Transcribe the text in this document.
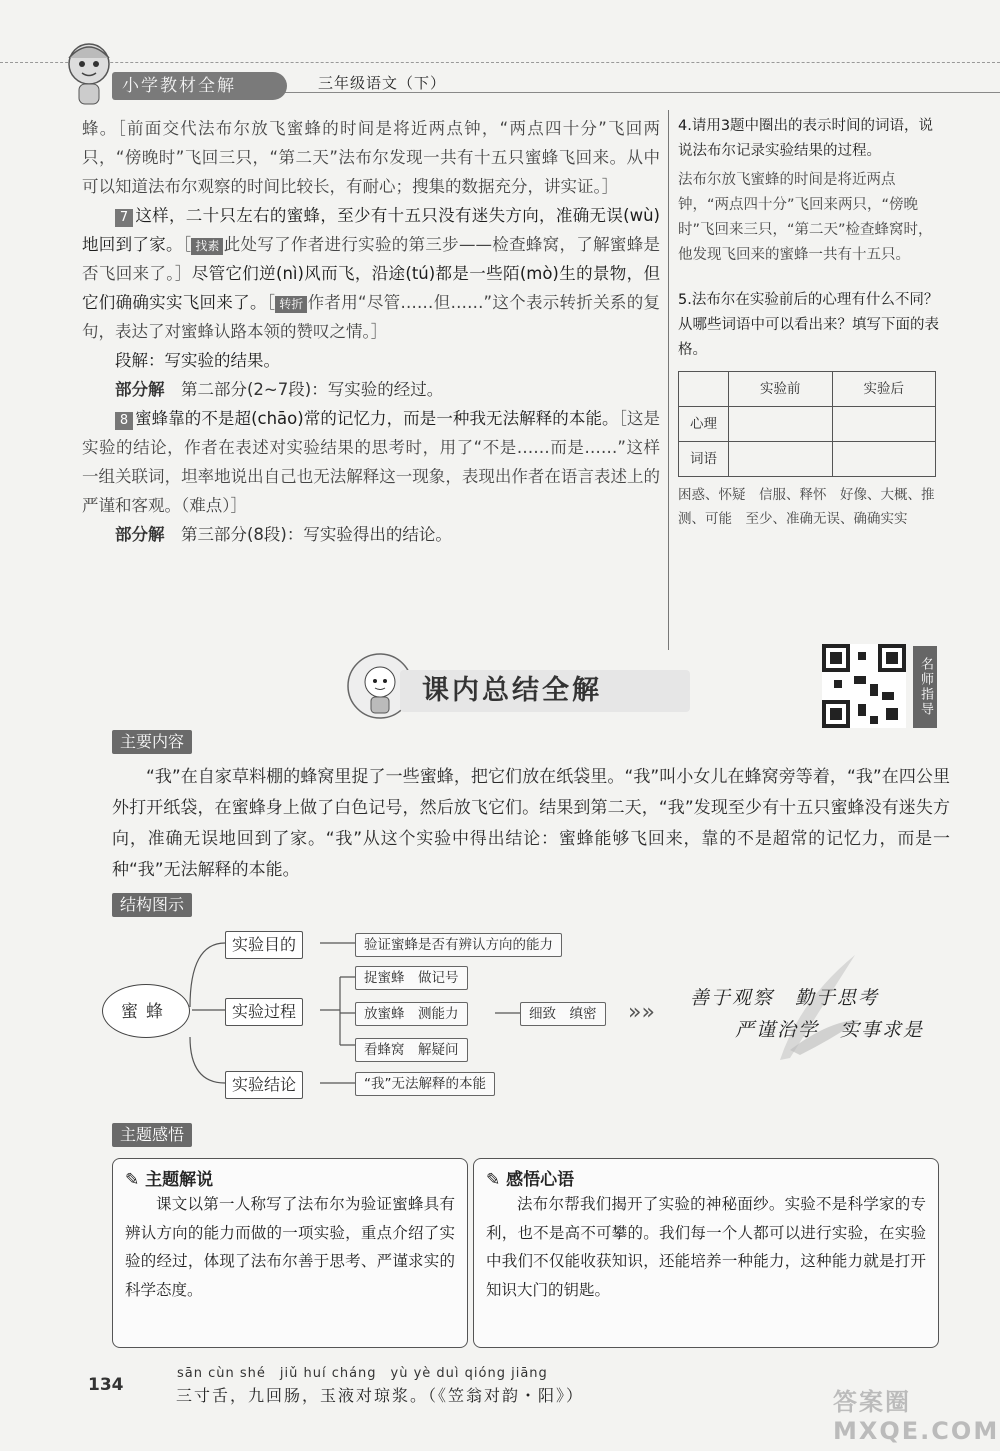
小学教材全解	三年级语文（下）

蜂。［前面交代法布尔放飞蜜蜂的时间是将近两点钟，“两点四十分”飞回两只，“傍晚时”飞回三只，“第二天”法布尔发现一共有十五只蜜蜂飞回来。从中可以知道法布尔观察的时间比较长，有耐心；搜集的数据充分，讲实证。］

7 这样，二十只左右的蜜蜂，至少有十五只没有迷失方向，准确无误(wù)地回到了家。［ 找素 此处写了作者进行实验的第三步——检查蜂窝，了解蜜蜂是否飞回来了。］尽管它们逆(nì)风而飞，沿途(tú)都是一些陌(mò)生的景物，但它们确确实实飞回来了。［ 转折 作者用“尽管……但……”这个表示转折关系的复句，表达了对蜜蜂认路本领的赞叹之情。］

段解：写实验的结果。

部分解　 第二部分(2~7段)：写实验的经过。

8 蜜蜂靠的不是超(chāo)常的记忆力，而是一种我无法解释的本能。［这是实验的结论，作者在表述对实验结果的思考时，用了“不是……而是……”这样一组关联词，坦率地说出自己也无法解释这一现象，表现出作者在语言表述上的严谨和客观。（难点）］

部分解　 第三部分(8段)：写实验得出的结论。

4.请用3题中圈出的表示时间的词语，说说法布尔记录实验结果的过程。
法布尔放飞蜜蜂的时间是将近两点钟，“两点四十分”飞回来两只，“傍晚时”飞回来三只，“第二天”检查蜂窝时，他发现飞回来的蜜蜂一共有十五只。
5.法布尔在实验前后的心理有什么不同？从哪些词语中可以看出来？填写下面的表格。
	实验前	实验后
心理		
词语		
困惑、怀疑　信服、释怀　好像、大概、推测、可能　至少、准确无误、确确实实
课内总结全解	名师指导
主要内容

“我”在自家草料棚的蜂窝里捉了一些蜜蜂，把它们放在纸袋里。“我”叫小女儿在蜂窝旁等着，“我”在四公里外打开纸袋，在蜜蜂身上做了白色记号，然后放飞它们。结果到第二天，“我”发现至少有十五只蜜蜂没有迷失方向，准确无误地回到了家。“我”从这个实验中得出结论：蜜蜂能够飞回来，靠的不是超常的记忆力，而是一种“我”无法解释的本能。

结构图示
蜜蜂
实验目的	验证蜜蜂是否有辨认方向的能力
实验过程
捉蜜蜂　做记号
放蜜蜂　测能力
看蜂窝　解疑问
实验结论	“我”无法解释的本能
细致　缜密	»»
善于观察　勤于思考
严谨治学　实事求是
主题感悟
✎ 主题解说
课文以第一人称写了法布尔为验证蜜蜂具有辨认方向的能力而做的一项实验，重点介绍了实验的经过，体现了法布尔善于思考、严谨求实的科学态度。
✎ 感悟心语
法布尔帮我们揭开了实验的神秘面纱。实验不是科学家的专利，也不是高不可攀的。我们每一个人都可以进行实验，在实验中我们不仅能收获知识，还能培养一种能力，这种能力就是打开知识大门的钥匙。
134
sān cùn shé　jiǔ huí cháng　yù yè duì qióng jiāng
三寸舌，九回肠，玉液对琼浆。（《笠翁对韵・阳》）	答案圈 MXQE.COM
